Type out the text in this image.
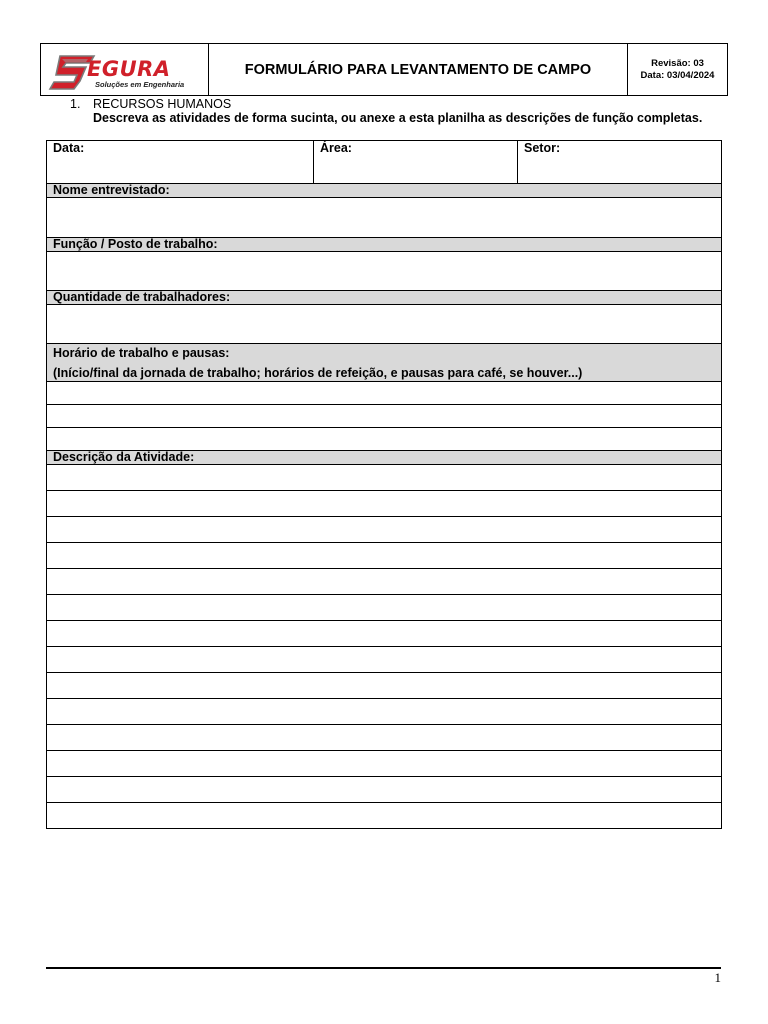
EGURA
Soluções em Engenharia
FORMULÁRIO PARA LEVANTAMENTO DE CAMPO	Revisão: 03
Data: 03/04/2024
1. RECURSOS HUMANOS
Descreva as atividades de forma sucinta, ou anexe a esta planilha as descrições de função completas.
Data:	Área:	Setor:
Nome entrevistado:

Função / Posto de trabalho:

Quantidade de trabalhadores:

Horário de trabalho e pausas:
(Início/final da jornada de trabalho; horários de refeição, e pausas para café, se houver...)

Descrição da Atividade:

1
